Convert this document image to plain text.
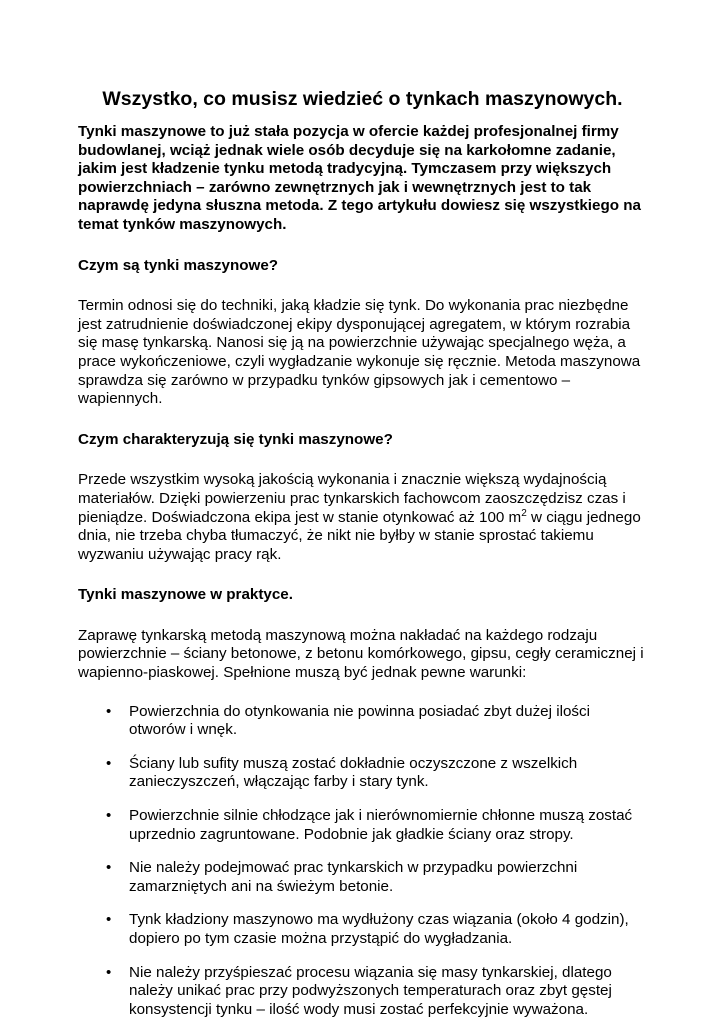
Wszystko, co musisz wiedzieć o tynkach maszynowych.

Tynki maszynowe to już stała pozycja w ofercie każdej profesjonalnej firmy budowlanej, wciąż jednak wiele osób decyduje się na karkołomne zadanie, jakim jest kładzenie tynku metodą tradycyjną. Tymczasem przy większych powierzchniach – zarówno zewnętrznych jak i wewnętrznych jest to tak naprawdę jedyna słuszna metoda. Z tego artykułu dowiesz się wszystkiego na temat tynków maszynowych.

Czym są tynki maszynowe?

Termin odnosi się do techniki, jaką kładzie się tynk. Do wykonania prac niezbędne jest zatrudnienie doświadczonej ekipy dysponującej agregatem, w którym rozrabia się masę tynkarską. Nanosi się ją na powierzchnie używając specjalnego węża, a prace wykończeniowe, czyli wygładzanie wykonuje się ręcznie. Metoda maszynowa sprawdza się zarówno w przypadku tynków gipsowych jak i cementowo – wapiennych.

Czym charakteryzują się tynki maszynowe?

Przede wszystkim wysoką jakością wykonania i znacznie większą wydajnością materiałów. Dzięki powierzeniu prac tynkarskich fachowcom zaoszczędzisz czas i pieniądze. Doświadczona ekipa jest w stanie otynkować aż 100 $m^2$ w ciągu jednego dnia, nie trzeba chyba tłumaczyć, że nikt nie byłby w stanie sprostać takiemu wyzwaniu używając pracy rąk.

Tynki maszynowe w praktyce.

Zaprawę tynkarską metodą maszynową można nakładać na każdego rodzaju powierzchnie – ściany betonowe, z betonu komórkowego, gipsu, cegły ceramicznej i wapienno-piaskowej. Spełnione muszą być jednak pewne warunki:

• Powierzchnia do otynkowania nie powinna posiadać zbyt dużej ilości otworów i wnęk.
• Ściany lub sufity muszą zostać dokładnie oczyszczone z wszelkich zanieczyszczeń, włączając farby i stary tynk.
• Powierzchnie silnie chłodzące jak i nierównomiernie chłonne muszą zostać uprzednio zagruntowane. Podobnie jak gładkie ściany oraz stropy.
• Nie należy podejmować prac tynkarskich w przypadku powierzchni zamarzniętych ani na świeżym betonie.
• Tynk kładziony maszynowo ma wydłużony czas wiązania (około 4 godzin), dopiero po tym czasie można przystąpić do wygładzania.
• Nie należy przyśpieszać procesu wiązania się masy tynkarskiej, dlatego należy unikać prac przy podwyższonych temperaturach oraz zbyt gęstej konsystencji tynku – ilość wody musi zostać perfekcyjnie wyważona.
